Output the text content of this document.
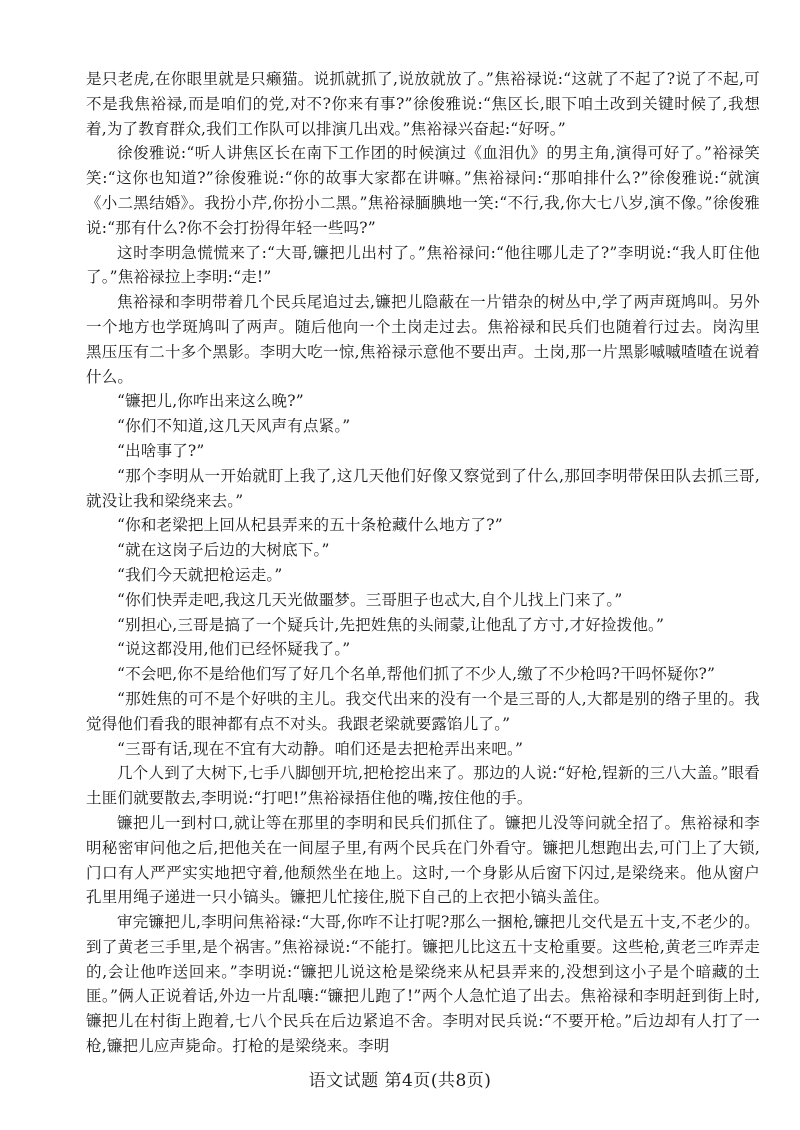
是只老虎,在你眼里就是只癞猫。说抓就抓了,说放就放了。”焦裕禄说:“这就了不起了?说了不起,可不是我焦裕禄,而是咱们的党,对不?你来有事?”徐俊雅说:“焦区长,眼下咱土改到关键时候了,我想着,为了教育群众,我们工作队可以排演几出戏。”焦裕禄兴奋起:“好呀。”

徐俊雅说:“听人讲焦区长在南下工作团的时候演过《血泪仇》的男主角,演得可好了。”裕禄笑笑:“这你也知道?”徐俊雅说:“你的故事大家都在讲嘛。”焦裕禄问:“那咱排什么?”徐俊雅说:“就演《小二黑结婚》。我扮小芹,你扮小二黑。”焦裕禄腼腆地一笑:“不行,我,你大七八岁,演不像。”徐俊雅说:“那有什么?你不会打扮得年轻一些吗?”

这时李明急慌慌来了:“大哥,镰把儿出村了。”焦裕禄问:“他往哪儿走了?”李明说:“我人盯住他了。”焦裕禄拉上李明:“走!”

焦裕禄和李明带着几个民兵尾追过去,镰把儿隐蔽在一片错杂的树丛中,学了两声斑鸠叫。另外一个地方也学斑鸠叫了两声。随后他向一个土岗走过去。焦裕禄和民兵们也随着行过去。岗沟里黑压压有二十多个黑影。李明大吃一惊,焦裕禄示意他不要出声。土岗,那一片黑影嘁嘁喳喳在说着什么。

“镰把儿,你咋出来这么晚?”

“你们不知道,这几天风声有点紧。”

“出啥事了?”

“那个李明从一开始就盯上我了,这几天他们好像又察觉到了什么,那回李明带保田队去抓三哥,就没让我和梁绕来去。”

“你和老梁把上回从杞县弄来的五十条枪藏什么地方了?”

“就在这岗子后边的大树底下。”

“我们今天就把枪运走。”

“你们快弄走吧,我这几天光做噩梦。三哥胆子也忒大,自个儿找上门来了。”

“别担心,三哥是搞了一个疑兵计,先把姓焦的头闹蒙,让他乱了方寸,才好捡拨他。”

“说这都没用,他们已经怀疑我了。”

“不会吧,你不是给他们写了好几个名单,帮他们抓了不少人,缴了不少枪吗?干吗怀疑你?”

“那姓焦的可不是个好哄的主儿。我交代出来的没有一个是三哥的人,大都是别的绺子里的。我觉得他们看我的眼神都有点不对头。我跟老梁就要露馅儿了。”

“三哥有话,现在不宜有大动静。咱们还是去把枪弄出来吧。”

几个人到了大树下,七手八脚刨开坑,把枪挖出来了。那边的人说:“好枪,锃新的三八大盖。”眼看土匪们就要散去,李明说:“打吧!”焦裕禄捂住他的嘴,按住他的手。

镰把儿一到村口,就让等在那里的李明和民兵们抓住了。镰把儿没等问就全招了。焦裕禄和李明秘密审问他之后,把他关在一间屋子里,有两个民兵在门外看守。镰把儿想跑出去,可门上了大锁,门口有人严严实实地把守着,他颓然坐在地上。这时,一个身影从后窗下闪过,是梁绕来。他从窗户孔里用绳子递进一只小镐头。镰把儿忙接住,脱下自己的上衣把小镐头盖住。

审完镰把儿,李明问焦裕禄:“大哥,你咋不让打呢?那么一捆枪,镰把儿交代是五十支,不老少的。到了黄老三手里,是个祸害。”焦裕禄说:“不能打。镰把儿比这五十支枪重要。这些枪,黄老三咋弄走的,会让他咋送回来。”李明说:“镰把儿说这枪是梁绕来从杞县弄来的,没想到这小子是个暗藏的土匪。”俩人正说着话,外边一片乱嚷:“镰把儿跑了!”两个人急忙追了出去。焦裕禄和李明赶到街上时,镰把儿在村街上跑着,七八个民兵在后边紧追不舍。李明对民兵说:“不要开枪。”后边却有人打了一枪,镰把儿应声毙命。打枪的是梁绕来。李明

语文试题 第4页(共8页)
